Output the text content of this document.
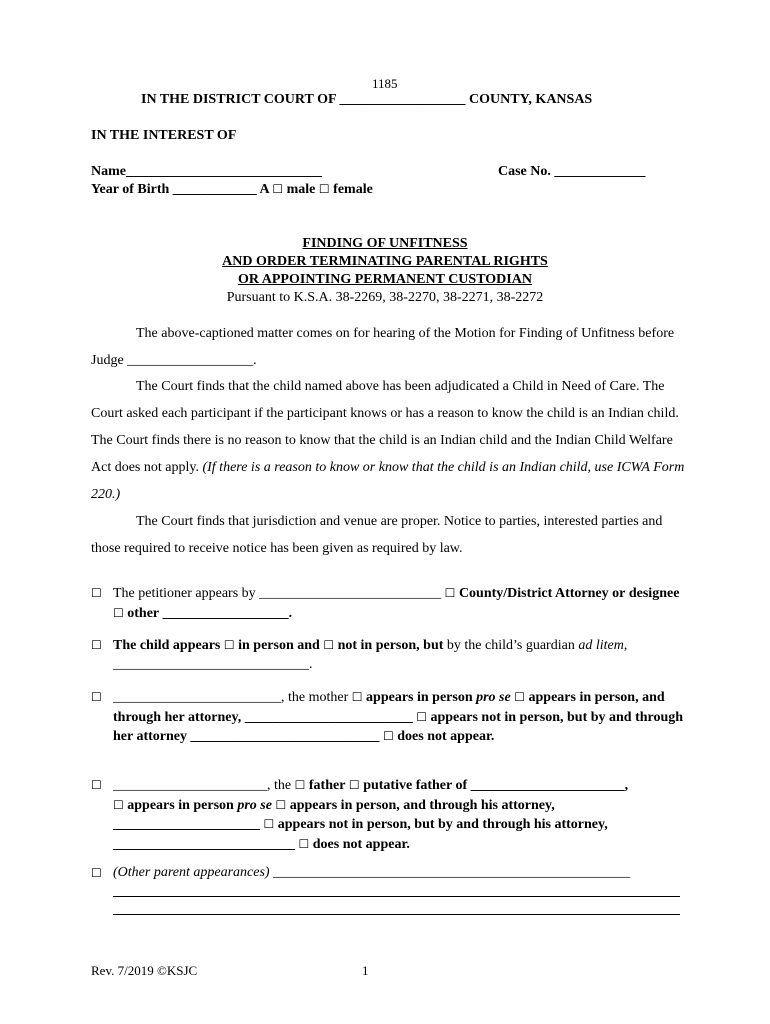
1185
IN THE DISTRICT COURT OF __________________ COUNTY, KANSAS
IN THE INTEREST OF
Name____________________________	Case No. _____________
Year of Birth ____________ A ☐ male ☐ female
FINDING OF UNFITNESS
AND ORDER TERMINATING PARENTAL RIGHTS
OR APPOINTING PERMANENT CUSTODIAN
Pursuant to K.S.A. 38-2269, 38-2270, 38-2271, 38-2272
The above-captioned matter comes on for hearing of the Motion for Finding of Unfitness before Judge __________________.
The Court finds that the child named above has been adjudicated a Child in Need of Care. The Court asked each participant if the participant knows or has a reason to know the child is an Indian child. The Court finds there is no reason to know that the child is an Indian child and the Indian Child Welfare Act does not apply. (If there is a reason to know or know that the child is an Indian child, use ICWA Form 220.)
The Court finds that jurisdiction and venue are proper. Notice to parties, interested parties and those required to receive notice has been given as required by law.
☐ The petitioner appears by __________________________ ☐ County/District Attorney or designee ☐ other __________________.
☐ The child appears ☐ in person and ☐ not in person, but by the child’s guardian ad litem,
____________________________.
☐ ________________________, the mother ☐ appears in person pro se ☐ appears in person, and through her attorney, ________________________ ☐ appears not in person, but by and through her attorney ___________________________ ☐ does not appear.
☐ ______________________, the ☐ father ☐ putative father of ______________________,
☐ appears in person pro se ☐ appears in person, and through his attorney,
_____________________ ☐ appears not in person, but by and through his attorney,
__________________________ ☐ does not appear.
☐ (Other parent appearances) ___________________________________________________
Rev. 7/2019 ©KSJC	1
